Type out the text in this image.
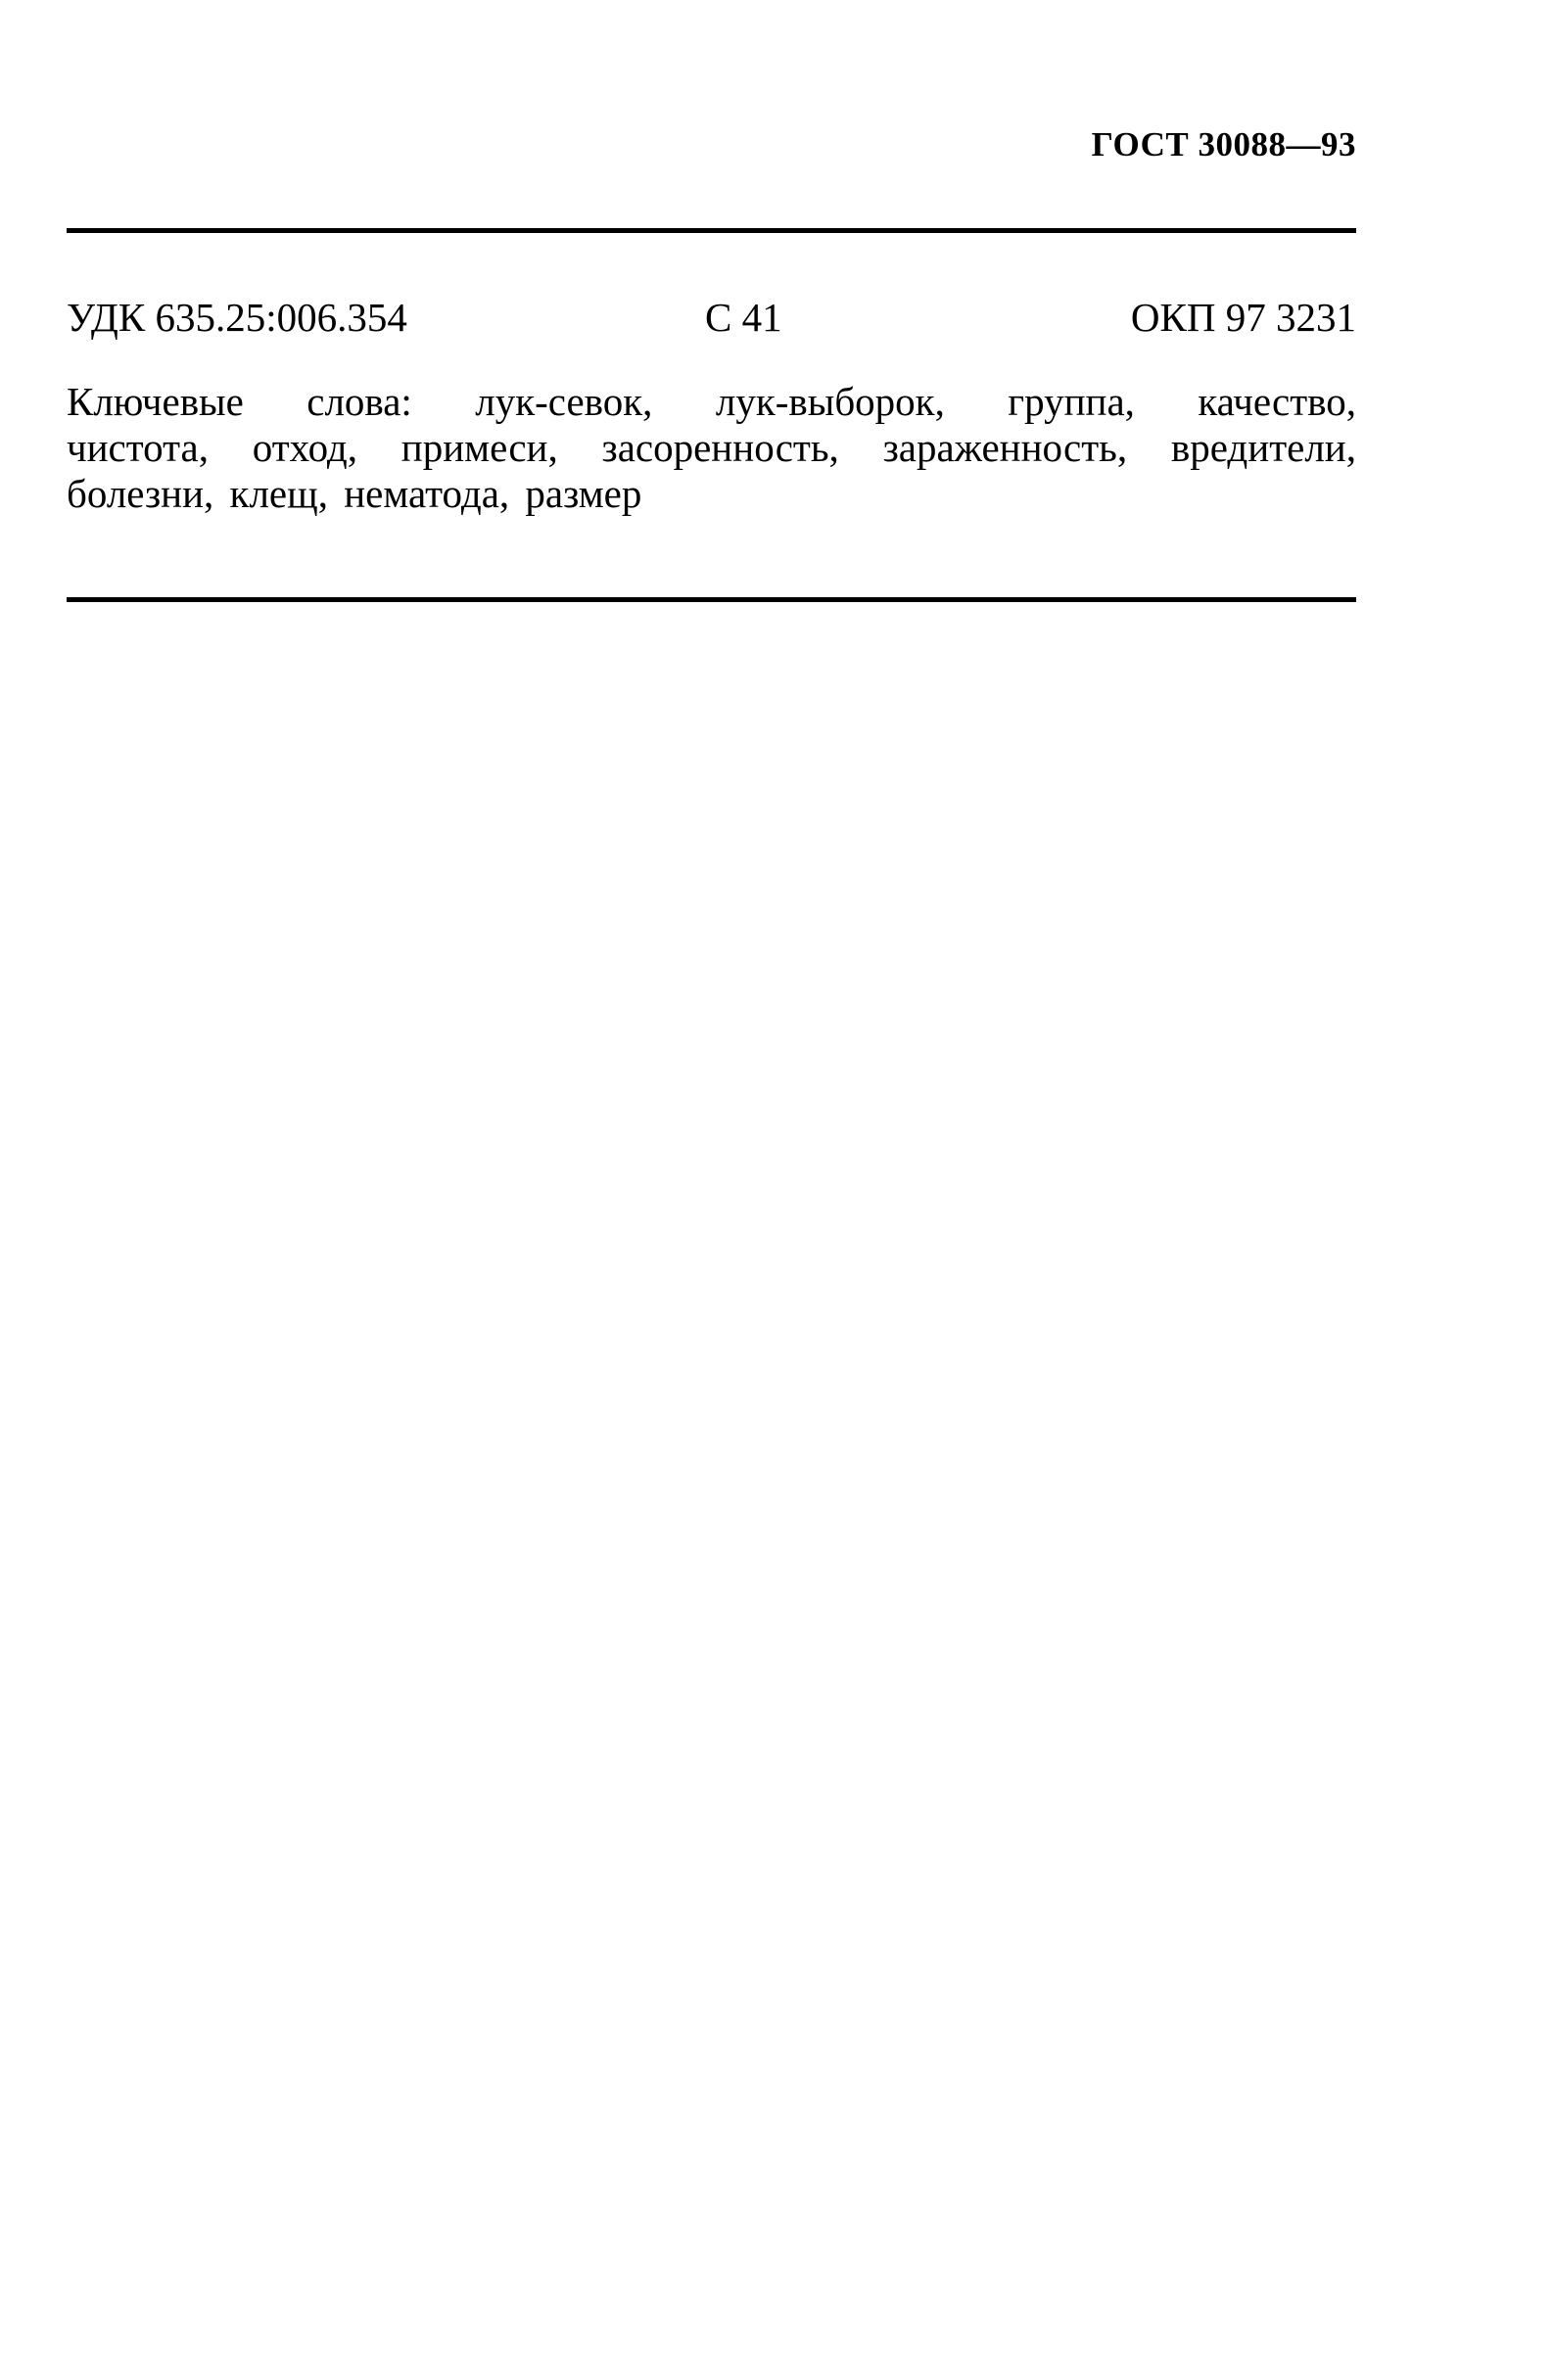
ГОСТ 30088—93
УДК 635.25:006.354	С 41	ОКП 97 3231
Ключевые слова: лук-севок, лук-выборок, группа, качество,
чистота, отход, примеси, засоренность, зараженность, вредители,
болезни, клещ, нематода, размер
